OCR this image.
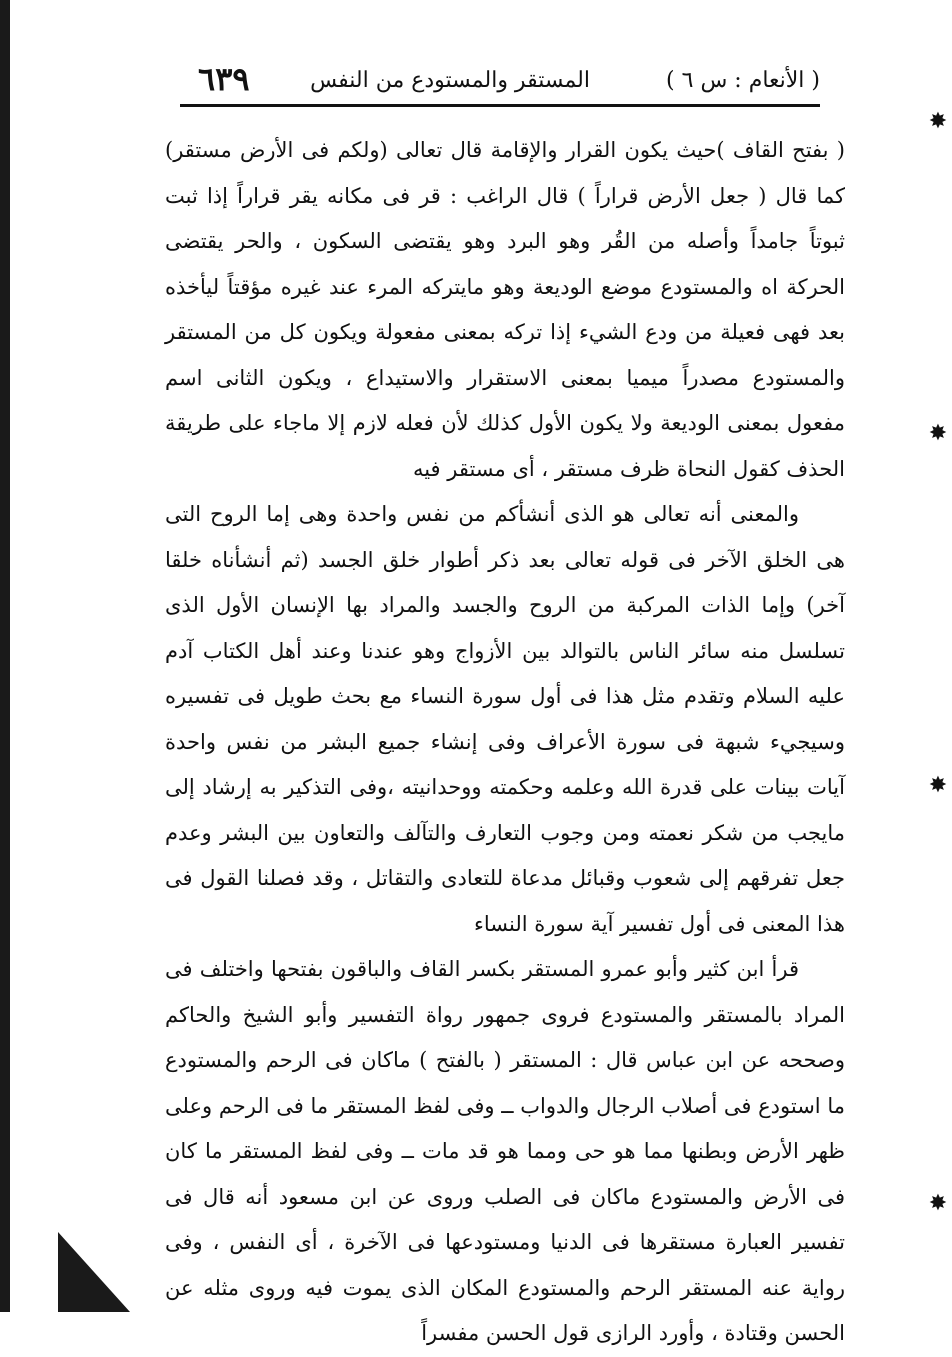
( الأنعام : س ٦ )
المستقر والمستودع من النفس
٦٣٩
✸
✸
✸
✸

( بفتح القاف )حيث يكون القرار والإقامة قال تعالى (ولكم فى الأرض مستقر) كما قال ( جعل الأرض قراراً ) قال الراغب : قر فى مكانه يقر قراراً إذا ثبت ثبوتاً جامداً وأصله من القُر وهو البرد وهو يقتضى السكون ، والحر يقتضى الحركة اه والمستودع موضع الوديعة وهو مايتركه المرء عند غيره مؤقتاً ليأخذه بعد فهى فعيلة من ودع الشيء إذا تركه بمعنى مفعولة ويكون كل من المستقر والمستودع مصدراً ميميا بمعنى الاستقرار والاستيداع ، ويكون الثانى اسم مفعول بمعنى الوديعة ولا يكون الأول كذلك لأن فعله لازم إلا ماجاء على طريقة الحذف كقول النحاة ظرف مستقر ، أى مستقر فيه

والمعنى أنه تعالى هو الذى أنشأكم من نفس واحدة وهى إما الروح التى هى الخلق الآخر فى قوله تعالى بعد ذكر أطوار خلق الجسد (ثم أنشأناه خلقا آخر) وإما الذات المركبة من الروح والجسد والمراد بها الإنسان الأول الذى تسلسل منه سائر الناس بالتوالد بين الأزواج وهو عندنا وعند أهل الكتاب آدم عليه السلام وتقدم مثل هذا فى أول سورة النساء مع بحث طويل فى تفسيره وسيجيء شبهة فى سورة الأعراف وفى إنشاء جميع البشر من نفس واحدة آيات بينات على قدرة الله وعلمه وحكمته ووحدانيته ،وفى التذكير به إرشاد إلى مايجب من شكر نعمته ومن وجوب التعارف والتآلف والتعاون بين البشر وعدم جعل تفرقهم إلى شعوب وقبائل مدعاة للتعادى والتقاتل ، وقد فصلنا القول فى هذا المعنى فى أول تفسير آية سورة النساء

قرأ ابن كثير وأبو عمرو المستقر بكسر القاف والباقون بفتحها واختلف فى المراد بالمستقر والمستودع فروى جمهور رواة التفسير وأبو الشيخ والحاكم وصححه عن ابن عباس قال : المستقر ( بالفتح ) ماكان فى الرحم والمستودع ما استودع فى أصلاب الرجال والدواب ــ وفى لفظ المستقر ما فى الرحم وعلى ظهر الأرض وبطنها مما هو حى ومما هو قد مات ــ وفى لفظ المستقر ما كان فى الأرض والمستودع ماكان فى الصلب وروى عن ابن مسعود أنه قال فى تفسير العبارة مستقرها فى الدنيا ومستودعها فى الآخرة ، أى النفس ، وفى رواية عنه المستقر الرحم والمستودع المكان الذى يموت فيه وروى مثله عن الحسن وقتادة ، وأورد الرازى قول الحسن مفسراً
